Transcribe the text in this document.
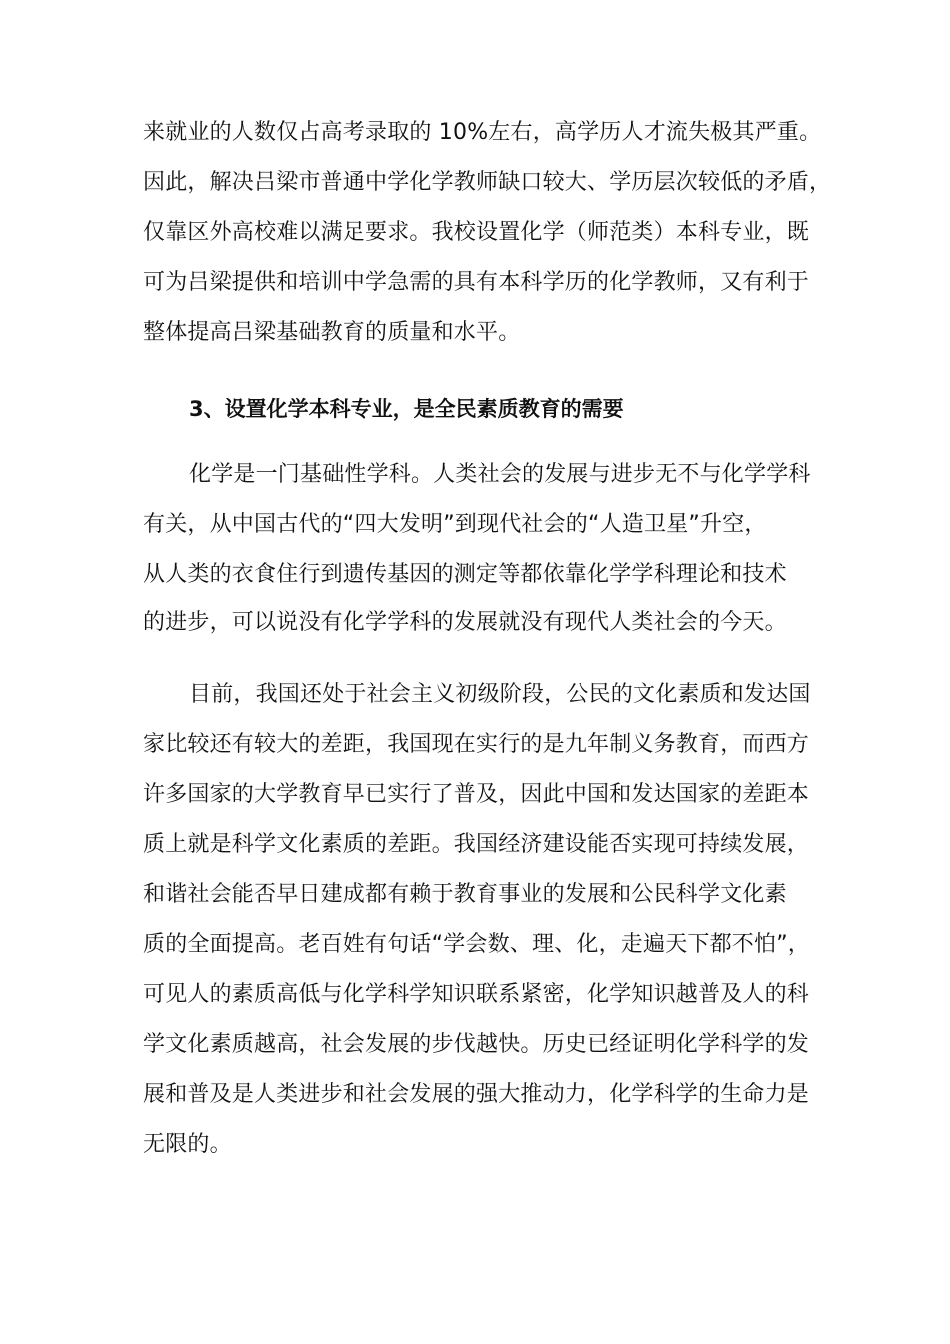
来就业的人数仅占高考录取的 10%左右，高学历人才流失极其严重。
因此，解决吕梁市普通中学化学教师缺口较大、学历层次较低的矛盾，
仅靠区外高校难以满足要求。我校设置化学（师范类）本科专业，既
可为吕梁提供和培训中学急需的具有本科学历的化学教师，又有利于
整体提高吕梁基础教育的质量和水平。
3、设置化学本科专业，是全民素质教育的需要
化学是一门基础性学科。人类社会的发展与进步无不与化学学科
有关，从中国古代的“四大发明”到现代社会的“人造卫星”升空，
从人类的衣食住行到遗传基因的测定等都依靠化学学科理论和技术
的进步，可以说没有化学学科的发展就没有现代人类社会的今天。
目前，我国还处于社会主义初级阶段，公民的文化素质和发达国
家比较还有较大的差距，我国现在实行的是九年制义务教育，而西方
许多国家的大学教育早已实行了普及，因此中国和发达国家的差距本
质上就是科学文化素质的差距。我国经济建设能否实现可持续发展，
和谐社会能否早日建成都有赖于教育事业的发展和公民科学文化素
质的全面提高。老百姓有句话“学会数、理、化，走遍天下都不怕”，
可见人的素质高低与化学科学知识联系紧密，化学知识越普及人的科
学文化素质越高，社会发展的步伐越快。历史已经证明化学科学的发
展和普及是人类进步和社会发展的强大推动力，化学科学的生命力是
无限的。
